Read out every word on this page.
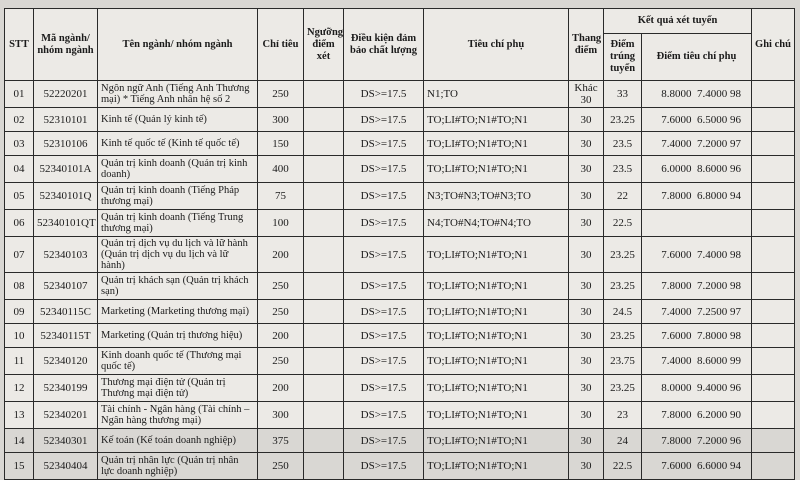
STT	Mã ngành/ nhóm ngành	Tên ngành/ nhóm ngành	Chỉ tiêu	Ngưỡng điểm xét	Điều kiện đảm bảo chất lượng	Tiêu chí phụ	Thang điểm	Kết quả xét tuyển		Ghi chú
								Điểm trúng tuyển	Điểm tiêu chí phụ	
01	52220201	Ngôn ngữ Anh (Tiếng Anh Thương mại) * Tiếng Anh nhân hệ số 2	250		DS>=17.5	N1;TO	Khác 30	33	8.8000  7.4000 98	
02	52310101	Kinh tế (Quản lý kinh tế)	300		DS>=17.5	TO;LI#TO;N1#TO;N1	30	23.25	7.6000  6.5000 96	
03	52310106	Kinh tế quốc tế (Kinh tế quốc tế)	150		DS>=17.5	TO;LI#TO;N1#TO;N1	30	23.5	7.4000  7.2000 97	
04	52340101A	Quản trị kinh doanh (Quản trị kinh doanh)	400		DS>=17.5	TO;LI#TO;N1#TO;N1	30	23.5	6.0000  8.6000 96	
05	52340101Q	Quản trị kinh doanh (Tiếng Pháp thương mại)	75		DS>=17.5	N3;TO#N3;TO#N3;TO	30	22	7.8000  6.8000 94	
06	52340101QT	Quản trị kinh doanh (Tiếng Trung thương mại)	100		DS>=17.5	N4;TO#N4;TO#N4;TO	30	22.5		
07	52340103	Quản trị dịch vụ du lịch và lữ hành (Quản trị dịch vụ du lịch và lữ hành)	200		DS>=17.5	TO;LI#TO;N1#TO;N1	30	23.25	7.6000  7.4000 98	
08	52340107	Quản trị khách sạn (Quản trị khách sạn)	250		DS>=17.5	TO;LI#TO;N1#TO;N1	30	23.25	7.8000  7.2000 98	
09	52340115C	Marketing (Marketing thương mại)	250		DS>=17.5	TO;LI#TO;N1#TO;N1	30	24.5	7.4000  7.2500 97	
10	52340115T	Marketing (Quản trị thương hiệu)	200		DS>=17.5	TO;LI#TO;N1#TO;N1	30	23.25	7.6000  7.8000 98	
11	52340120	Kinh doanh quốc tế (Thương mại quốc tế)	250		DS>=17.5	TO;LI#TO;N1#TO;N1	30	23.75	7.4000  8.6000 99	
12	52340199	Thương mại điện tử (Quản trị Thương mại điện tử)	200		DS>=17.5	TO;LI#TO;N1#TO;N1	30	23.25	8.0000  9.4000 96	
13	52340201	Tài chính - Ngân hàng (Tài chính – Ngân hàng thương mại)	300		DS>=17.5	TO;LI#TO;N1#TO;N1	30	23	7.8000  6.2000 90	
14	52340301	Kế toán (Kế toán doanh nghiệp)	375		DS>=17.5	TO;LI#TO;N1#TO;N1	30	24	7.8000  7.2000 96	
15	52340404	Quản trị nhân lực (Quản trị nhân lực doanh nghiệp)	250		DS>=17.5	TO;LI#TO;N1#TO;N1	30	22.5	7.6000  6.6000 94	
